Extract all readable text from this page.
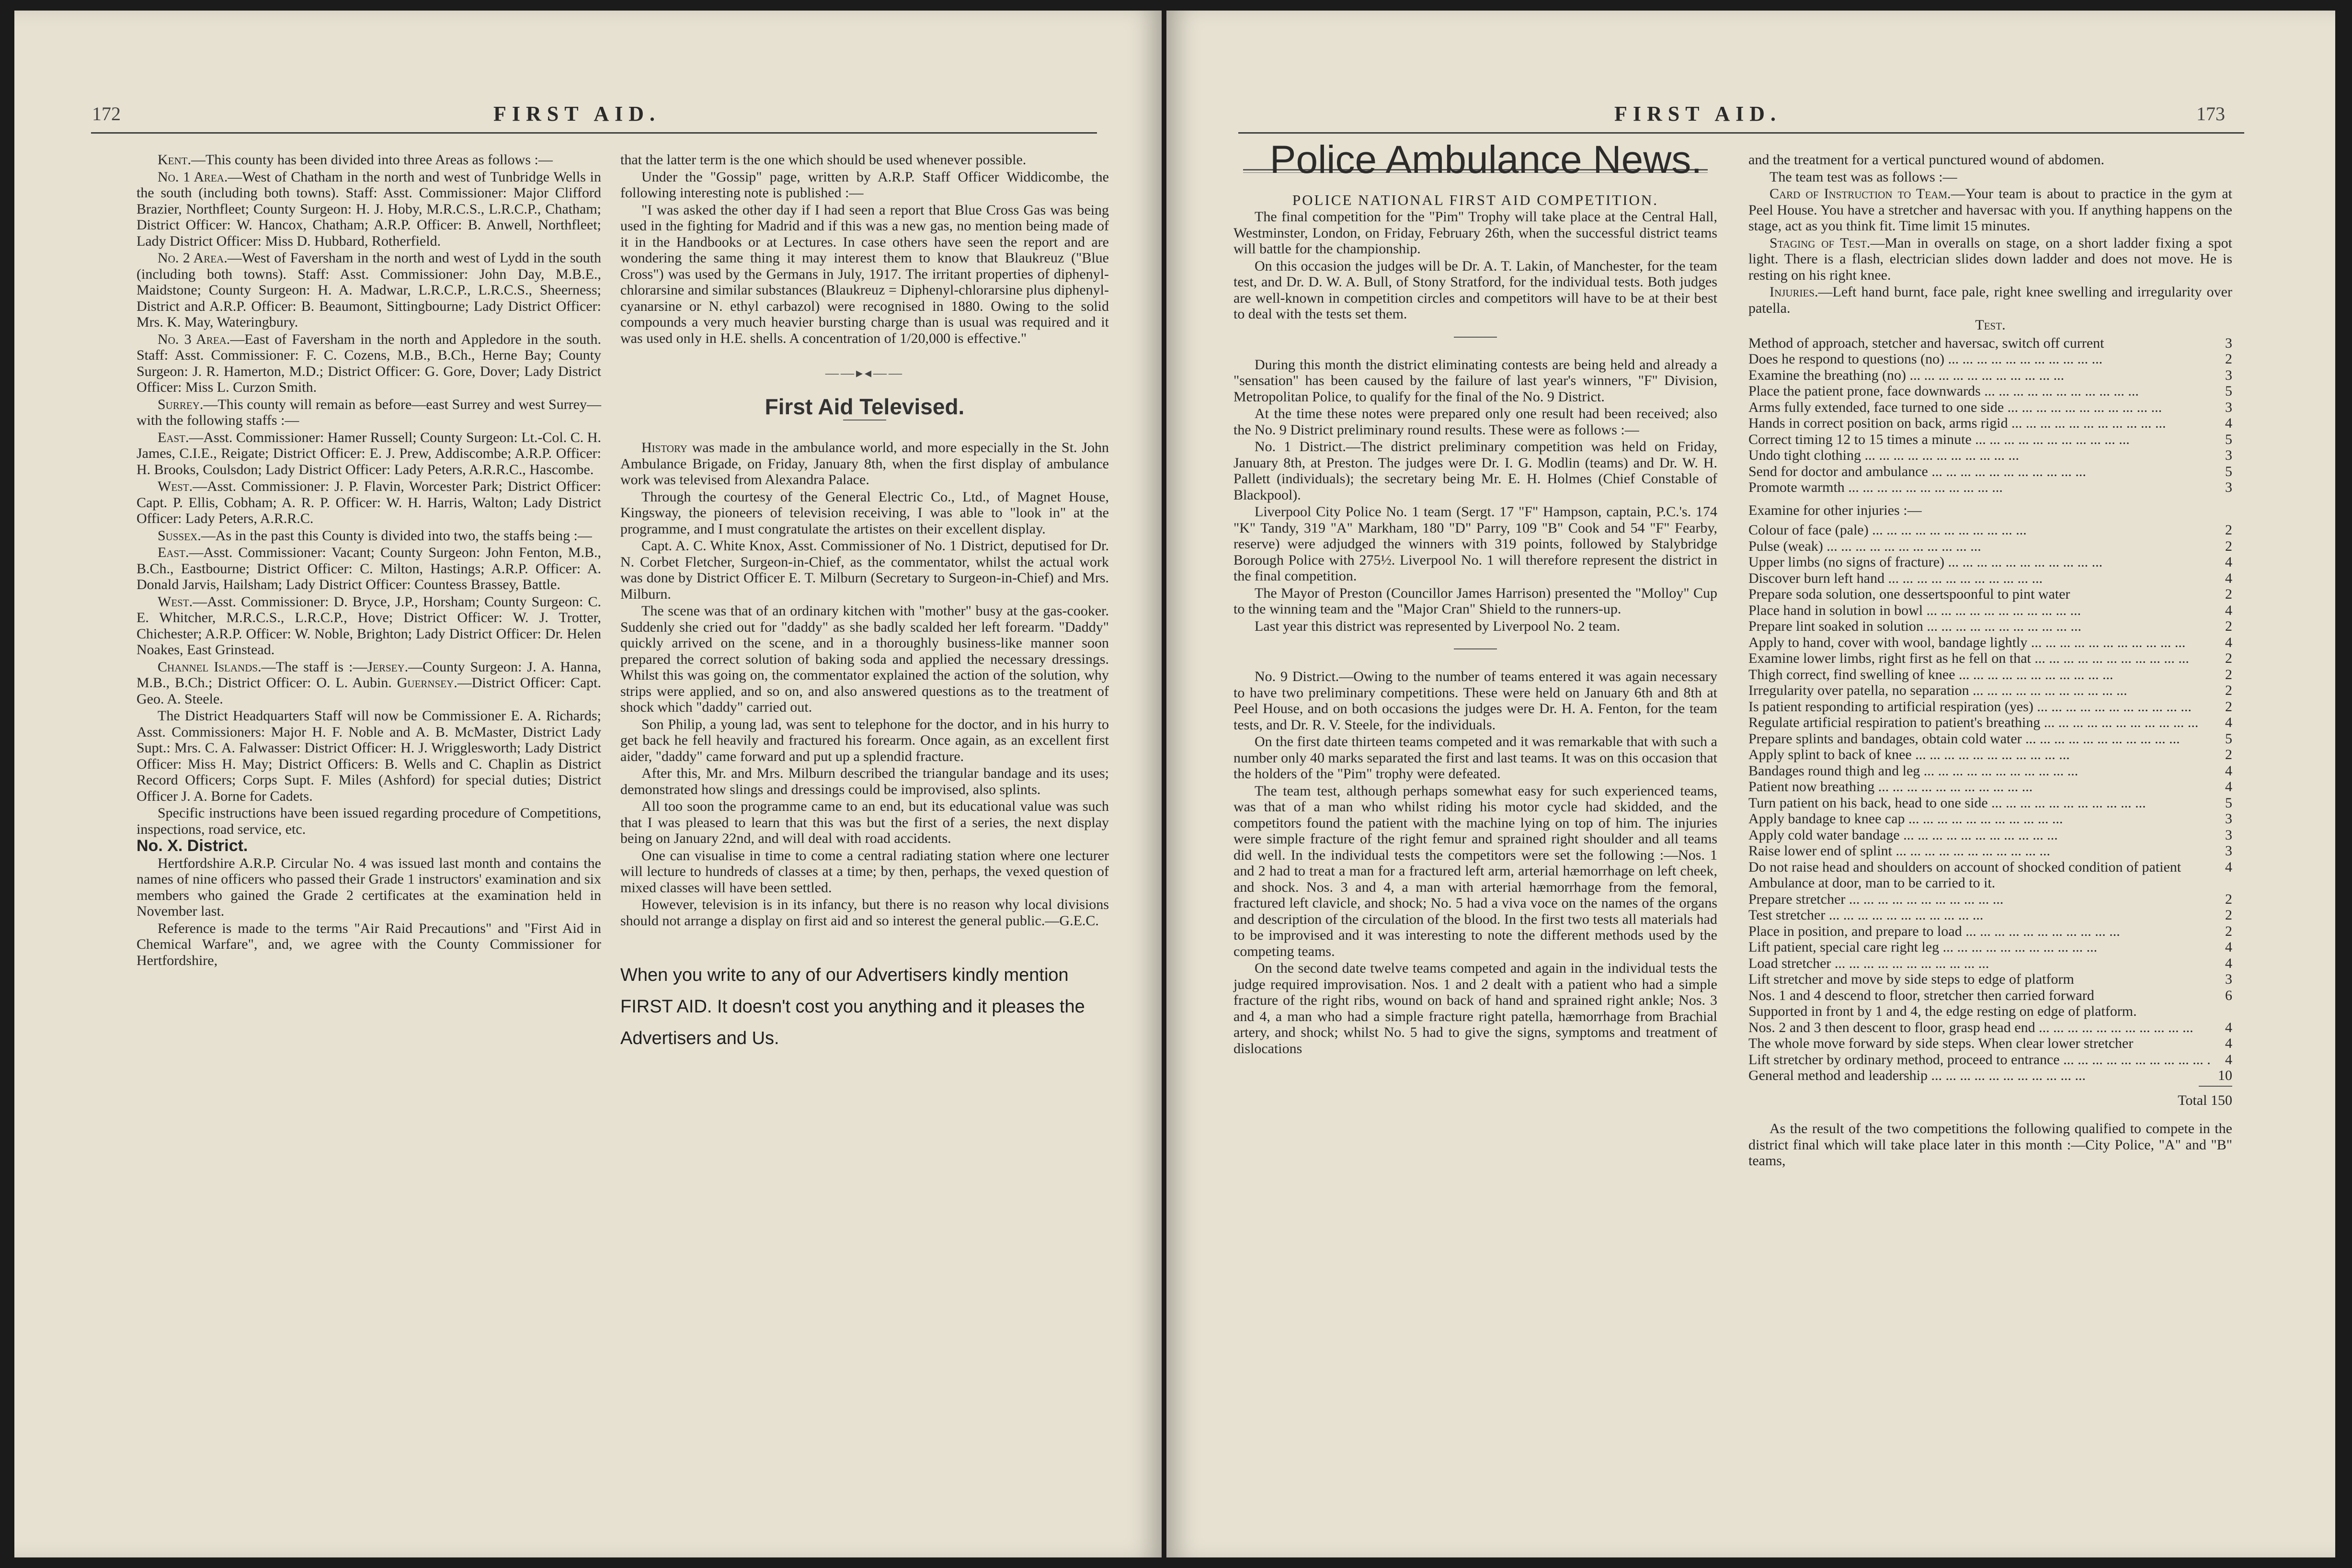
172	FIRST AID.

Kent.—This county has been divided into three Areas as follows :—

No. 1 Area.—West of Chatham in the north and west of Tunbridge Wells in the south (including both towns). Staff: Asst. Commissioner: Major Clifford Brazier, Northfleet; County Surgeon: H. J. Hoby, M.R.C.S., L.R.C.P., Chatham; District Officer: W. Hancox, Chatham; A.R.P. Officer: B. Anwell, Northfleet; Lady District Officer: Miss D. Hubbard, Rotherfield.

No. 2 Area.—West of Faversham in the north and west of Lydd in the south (including both towns). Staff: Asst. Commissioner: John Day, M.B.E., Maidstone; County Surgeon: H. A. Madwar, L.R.C.P., L.R.C.S., Sheerness; District and A.R.P. Officer: B. Beaumont, Sittingbourne; Lady District Officer: Mrs. K. May, Wateringbury.

No. 3 Area.—East of Faversham in the north and Appledore in the south. Staff: Asst. Commissioner: F. C. Cozens, M.B., B.Ch., Herne Bay; County Surgeon: J. R. Hamerton, M.D.; District Officer: G. Gore, Dover; Lady District Officer: Miss L. Curzon Smith.

Surrey.—This county will remain as before—east Surrey and west Surrey—with the following staffs :—

East.—Asst. Commissioner: Hamer Russell; County Surgeon: Lt.-Col. C. H. James, C.I.E., Reigate; District Officer: E. J. Prew, Addiscombe; A.R.P. Officer: H. Brooks, Coulsdon; Lady District Officer: Lady Peters, A.R.R.C., Hascombe.

West.—Asst. Commissioner: J. P. Flavin, Worcester Park; District Officer: Capt. P. Ellis, Cobham; A. R. P. Officer: W. H. Harris, Walton; Lady District Officer: Lady Peters, A.R.R.C.

Sussex.—As in the past this County is divided into two, the staffs being :—

East.—Asst. Commissioner: Vacant; County Surgeon: John Fenton, M.B., B.Ch., Eastbourne; District Officer: C. Milton, Hastings; A.R.P. Officer: A. Donald Jarvis, Hailsham; Lady District Officer: Countess Brassey, Battle.

West.—Asst. Commissioner: D. Bryce, J.P., Horsham; County Surgeon: C. E. Whitcher, M.R.C.S., L.R.C.P., Hove; District Officer: W. J. Trotter, Chichester; A.R.P. Officer: W. Noble, Brighton; Lady District Officer: Dr. Helen Noakes, East Grinstead.

Channel Islands.—The staff is :—Jersey.—County Surgeon: J. A. Hanna, M.B., B.Ch.; District Officer: O. L. Aubin. Guernsey.—District Officer: Capt. Geo. A. Steele.

The District Headquarters Staff will now be Commissioner E. A. Richards; Asst. Commissioners: Major H. F. Noble and A. B. McMaster, District Lady Supt.: Mrs. C. A. Falwasser: District Officer: H. J. Wrigglesworth; Lady District Officer: Miss H. May; District Officers: B. Wells and C. Chaplin as District Record Officers; Corps Supt. F. Miles (Ashford) for special duties; District Officer J. A. Borne for Cadets.

Specific instructions have been issued regarding procedure of Competitions, inspections, road service, etc.

No. X. District.

Hertfordshire A.R.P. Circular No. 4 was issued last month and contains the names of nine officers who passed their Grade 1 instructors' examination and six members who gained the Grade 2 certificates at the examination held in November last.

Reference is made to the terms "Air Raid Precautions" and "First Aid in Chemical Warfare", and, we agree with the County Commissioner for Hertfordshire,

that the latter term is the one which should be used whenever possible.

Under the "Gossip" page, written by A.R.P. Staff Officer Widdicombe, the following interesting note is published :—

"I was asked the other day if I had seen a report that Blue Cross Gas was being used in the fighting for Madrid and if this was a new gas, no mention being made of it in the Handbooks or at Lectures. In case others have seen the report and are wondering the same thing it may interest them to know that Blaukreuz ("Blue Cross") was used by the Germans in July, 1917. The irritant properties of diphenyl-chlorarsine and similar substances (Blaukreuz = Diphenyl-chlorarsine plus diphenyl-cyanarsine or N. ethyl carbazol) were recognised in 1880. Owing to the solid compounds a very much heavier bursting charge than is usual was required and it was used only in H.E. shells. A concentration of 1/20,000 is effective."

——▸◂——

First Aid Televised.

History was made in the ambulance world, and more especially in the St. John Ambulance Brigade, on Friday, January 8th, when the first display of ambulance work was televised from Alexandra Palace.

Through the courtesy of the General Electric Co., Ltd., of Magnet House, Kingsway, the pioneers of television receiving, I was able to "look in" at the programme, and I must congratulate the artistes on their excellent display.

Capt. A. C. White Knox, Asst. Commissioner of No. 1 District, deputised for Dr. N. Corbet Fletcher, Surgeon-in-Chief, as the commentator, whilst the actual work was done by District Officer E. T. Milburn (Secretary to Surgeon-in-Chief) and Mrs. Milburn.

The scene was that of an ordinary kitchen with "mother" busy at the gas-cooker. Suddenly she cried out for "daddy" as she badly scalded her left forearm. "Daddy" quickly arrived on the scene, and in a thoroughly business-like manner soon prepared the correct solution of baking soda and applied the necessary dressings. Whilst this was going on, the commentator explained the action of the solution, why strips were applied, and so on, and also answered questions as to the treatment of shock which "daddy" carried out.

Son Philip, a young lad, was sent to telephone for the doctor, and in his hurry to get back he fell heavily and fractured his forearm. Once again, as an excellent first aider, "daddy" came forward and put up a splendid fracture.

After this, Mr. and Mrs. Milburn described the triangular bandage and its uses; demonstrated how slings and dressings could be improvised, also splints.

All too soon the programme came to an end, but its educational value was such that I was pleased to learn that this was but the first of a series, the next display being on January 22nd, and will deal with road accidents.

One can visualise in time to come a central radiating station where one lecturer will lecture to hundreds of classes at a time; by then, perhaps, the vexed question of mixed classes will have been settled.

However, television is in its infancy, but there is no reason why local divisions should not arrange a display on first aid and so interest the general public.—G.E.C.

When you write to any of our Advertisers kindly mention FIRST AID. It doesn't cost you anything and it pleases the Advertisers and Us.
FIRST AID.	173

Police Ambulance News.

POLICE NATIONAL FIRST AID COMPETITION.

The final competition for the "Pim" Trophy will take place at the Central Hall, Westminster, London, on Friday, February 26th, when the successful district teams will battle for the championship.

On this occasion the judges will be Dr. A. T. Lakin, of Manchester, for the team test, and Dr. D. W. A. Bull, of Stony Stratford, for the individual tests. Both judges are well-known in competition circles and competitors will have to be at their best to deal with the tests set them.

During this month the district eliminating contests are being held and already a "sensation" has been caused by the failure of last year's winners, "F" Division, Metropolitan Police, to qualify for the final of the No. 9 District.

At the time these notes were prepared only one result had been received; also the No. 9 District preliminary round results. These were as follows :—

No. 1 District.—The district preliminary competition was held on Friday, January 8th, at Preston. The judges were Dr. I. G. Modlin (teams) and Dr. W. H. Pallett (individuals); the secretary being Mr. E. H. Holmes (Chief Constable of Blackpool).

Liverpool City Police No. 1 team (Sergt. 17 "F" Hampson, captain, P.C.'s. 174 "K" Tandy, 319 "A" Markham, 180 "D" Parry, 109 "B" Cook and 54 "F" Fearby, reserve) were adjudged the winners with 319 points, followed by Stalybridge Borough Police with 275½. Liverpool No. 1 will therefore represent the district in the final competition.

The Mayor of Preston (Councillor James Harrison) presented the "Molloy" Cup to the winning team and the "Major Cran" Shield to the runners-up.

Last year this district was represented by Liverpool No. 2 team.

No. 9 District.—Owing to the number of teams entered it was again necessary to have two preliminary competitions. These were held on January 6th and 8th at Peel House, and on both occasions the judges were Dr. H. A. Fenton, for the team tests, and Dr. R. V. Steele, for the individuals.

On the first date thirteen teams competed and it was remarkable that with such a number only 40 marks separated the first and last teams. It was on this occasion that the holders of the "Pim" trophy were defeated.

The team test, although perhaps somewhat easy for such experienced teams, was that of a man who whilst riding his motor cycle had skidded, and the competitors found the patient with the machine lying on top of him. The injuries were simple fracture of the right femur and sprained right shoulder and all teams did well. In the individual tests the competitors were set the following :—Nos. 1 and 2 had to treat a man for a fractured left arm, arterial hæmorrhage on left cheek, and shock. Nos. 3 and 4, a man with arterial hæmorrhage from the femoral, fractured left clavicle, and shock; No. 5 had a viva voce on the names of the organs and description of the circulation of the blood. In the first two tests all materials had to be improvised and it was interesting to note the different methods used by the competing teams.

On the second date twelve teams competed and again in the individual tests the judge required improvisation. Nos. 1 and 2 dealt with a patient who had a simple fracture of the right ribs, wound on back of hand and sprained right ankle; Nos. 3 and 4, a man who had a simple fracture right patella, hæmorrhage from Brachial artery, and shock; whilst No. 5 had to give the signs, symptoms and treatment of dislocations

and the treatment for a vertical punctured wound of abdomen.

The team test was as follows :—

Card of Instruction to Team.—Your team is about to practice in the gym at Peel House. You have a stretcher and haversac with you. If anything happens on the stage, act as you think fit. Time limit 15 minutes.

Staging of Test.—Man in overalls on stage, on a short ladder fixing a spot light. There is a flash, electrician slides down ladder and does not move. He is resting on his right knee.

Injuries.—Left hand burnt, face pale, right knee swelling and irregularity over patella.

Test.

Method of approach, stetcher and haversac, switch off current	3
Does he respond to questions (no) ...	2
Examine the breathing (no) ...	3
Place the patient prone, face downwards ...	5
Arms fully extended, face turned to one side ...	3
Hands in correct position on back, arms rigid ...	4
Correct timing 12 to 15 times a minute ...	5
Undo tight clothing ...	3
Send for doctor and ambulance ...	5
Promote warmth ...	3
Examine for other injuries :—
Colour of face (pale) ...	2
Pulse (weak) ...	2
Upper limbs (no signs of fracture) ...	4
Discover burn left hand ...	4
Prepare soda solution, one dessertspoonful to pint water	2
Place hand in solution in bowl ...	4
Prepare lint soaked in solution ...	2
Apply to hand, cover with wool, bandage lightly ...	4
Examine lower limbs, right first as he fell on that ...	2
Thigh correct, find swelling of knee ...	2
Irregularity over patella, no separation ...	2
Is patient responding to artificial respiration (yes) ...	2
Regulate artificial respiration to patient's breathing ...	4
Prepare splints and bandages, obtain cold water ...	5
Apply splint to back of knee ...	2
Bandages round thigh and leg ...	4
Patient now breathing ...	4
Turn patient on his back, head to one side ...	5
Apply bandage to knee cap ...	3
Apply cold water bandage ...	3
Raise lower end of splint ...	3
Do not raise head and shoulders on account of shocked condition of patient	4
Ambulance at door, man to be carried to it.
Prepare stretcher ...	2
Test stretcher ...	2
Place in position, and prepare to load ...	2
Lift patient, special care right leg ...	4
Load stretcher ...	4
Lift stretcher and move by side steps to edge of platform	3
Nos. 1 and 4 descend to floor, stretcher then carried forward	6
Supported in front by 1 and 4, the edge resting on edge of platform.
Nos. 2 and 3 then descent to floor, grasp head end ...	4
The whole move forward by side steps. When clear lower stretcher	4
Lift stretcher by ordinary method, proceed to entrance ...	4
General method and leadership ...	10
Total 150

As the result of the two competitions the following qualified to compete in the district final which will take place later in this month :—City Police, "A" and "B" teams,
